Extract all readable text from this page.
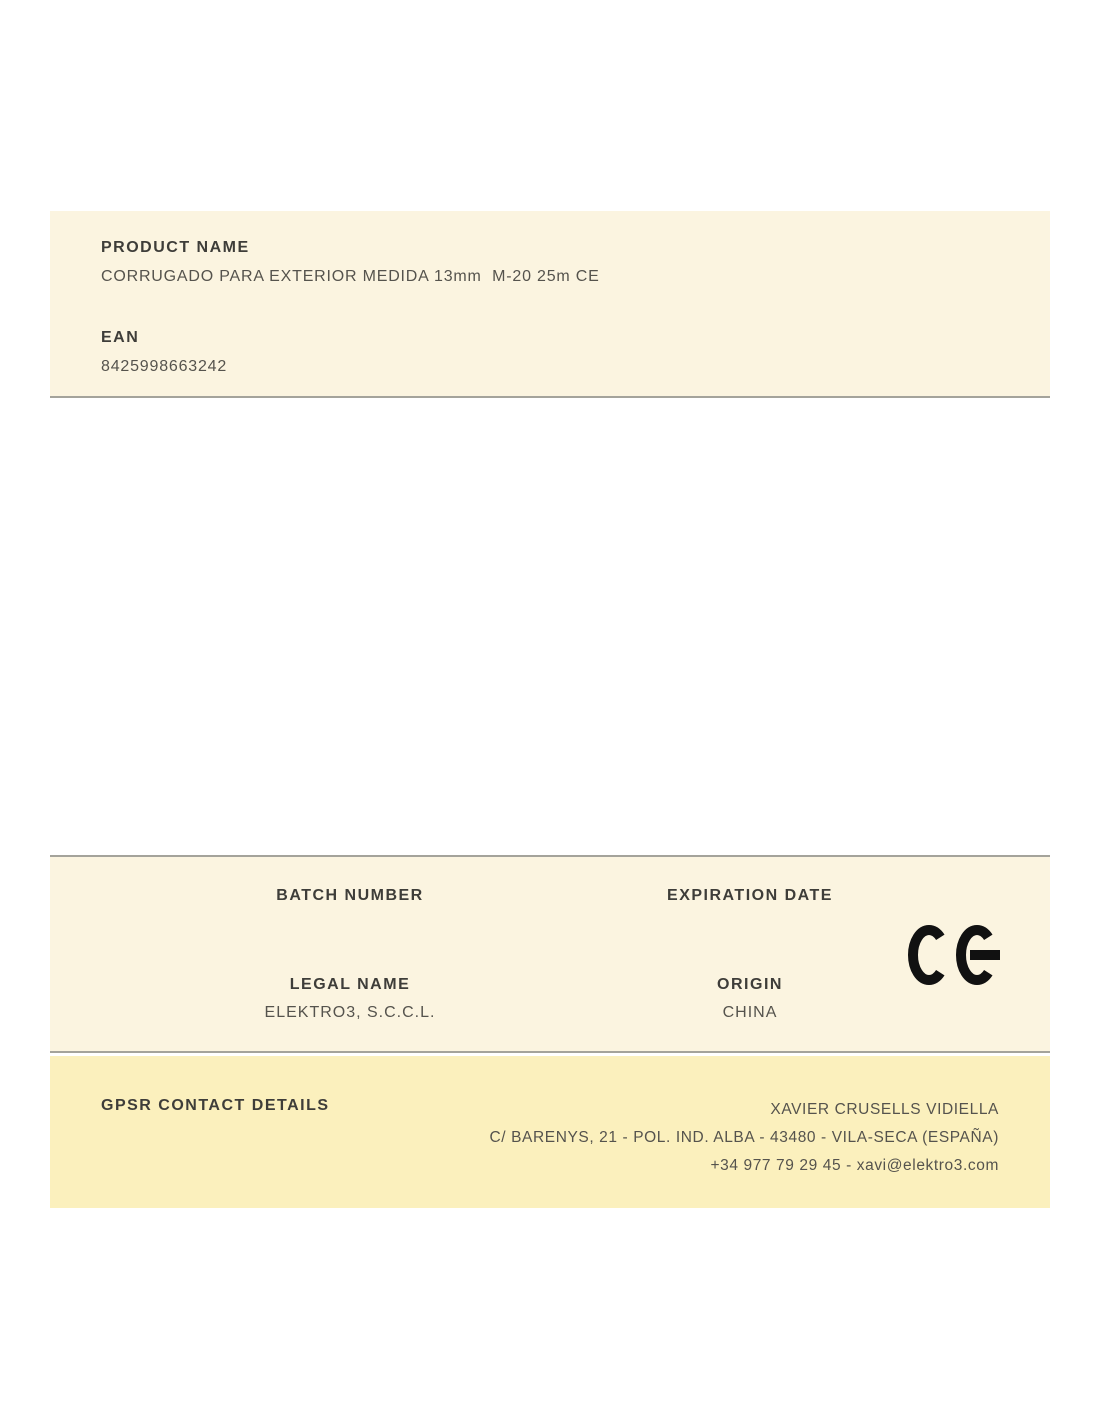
PRODUCT NAME
CORRUGADO PARA EXTERIOR MEDIDA 13mm  M-20 25m CE
EAN
8425998663242
BATCH NUMBER
LEGAL NAME
ELEKTRO3, S.C.C.L.
EXPIRATION DATE
ORIGIN
CHINA
GPSR CONTACT DETAILS	XAVIER CRUSELLS VIDIELLA
C/ BARENYS, 21 - POL. IND. ALBA - 43480 - VILA-SECA (ESPAÑA)
+34 977 79 29 45 - xavi@elektro3.com
